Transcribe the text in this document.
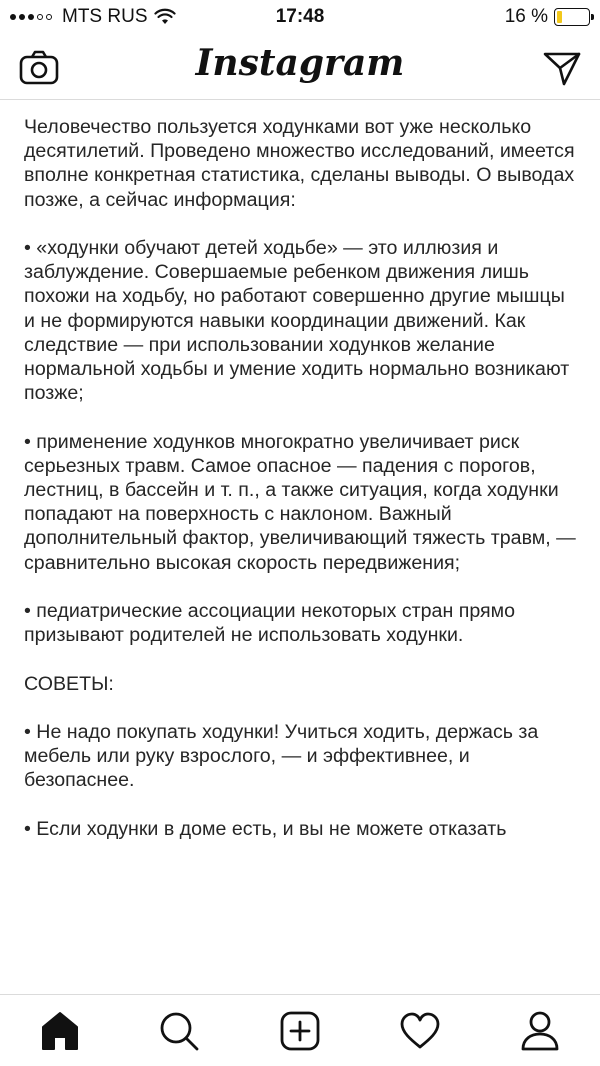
MTS RUS	17:48	16 %
Instagram

Человечество пользуется ходунками вот уже несколько десятилетий. Проведено множество исследований, имеется вполне конкретная статистика, сделаны выводы. О выводах позже, а сейчас информация:

• «ходунки обучают детей ходьбе» — это иллюзия и заблуждение. Совершаемые ребенком движения лишь похожи на ходьбу, но работают совершенно другие мышцы и не формируются навыки координации движений. Как следствие — при использовании ходунков желание нормальной ходьбы и умение ходить нормально возникают позже;

• применение ходунков многократно увеличивает риск серьезных травм. Самое опасное — падения с порогов, лестниц, в бассейн и т. п., а также ситуация, когда ходунки попадают на поверхность с наклоном. Важный дополнительный фактор, увеличивающий тяжесть травм, — сравнительно высокая скорость передвижения;

• педиатрические ассоциации некоторых стран прямо призывают родителей не использовать ходунки.

СОВЕТЫ:

• Не надо покупать ходунки! Учиться ходить, держась за мебель или руку взрослого, — и эффективнее, и безопаснее.

• Если ходунки в доме есть, и вы не можете отказать
